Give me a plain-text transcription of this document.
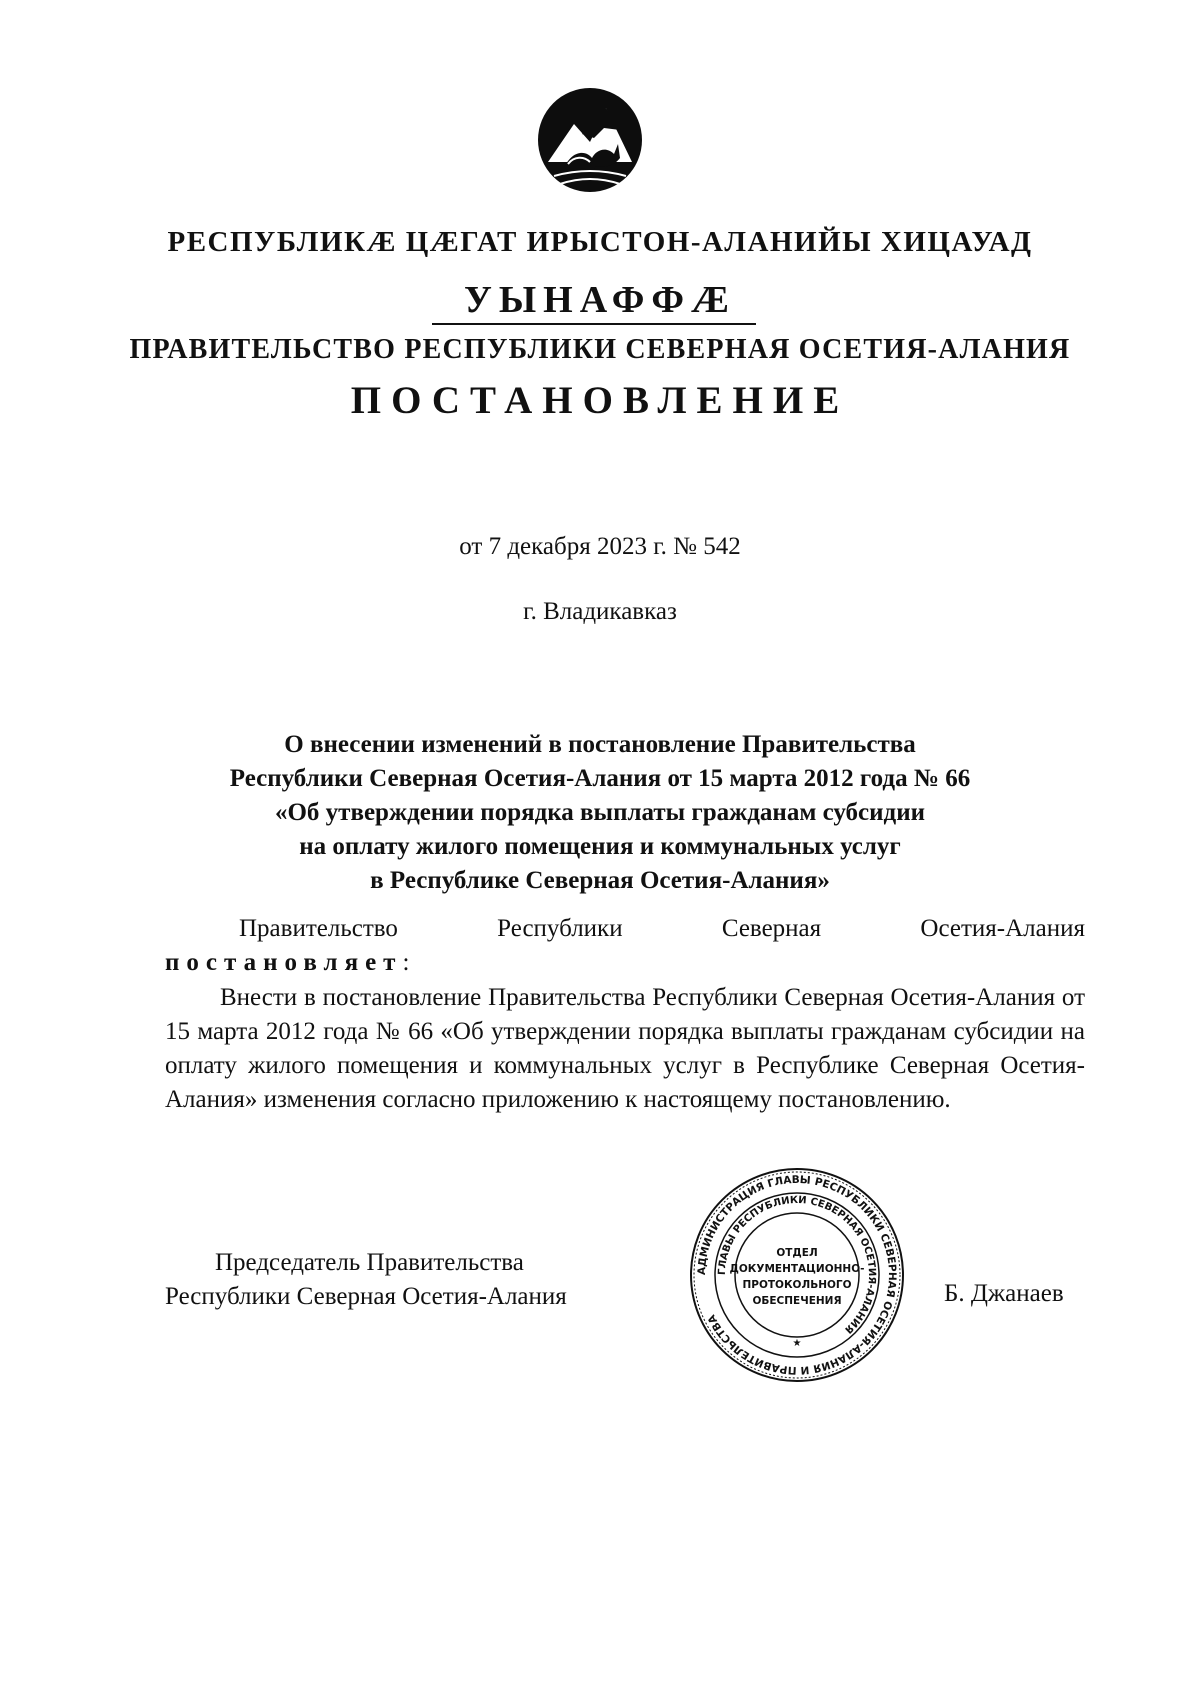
РЕСПУБЛИКӔ ЦӔГАТ ИРЫСТОН-АЛАНИЙЫ ХИЦАУАД
УЫНАФФӔ
ПРАВИТЕЛЬСТВО РЕСПУБЛИКИ СЕВЕРНАЯ ОСЕТИЯ-АЛАНИЯ
ПОСТАНОВЛЕНИЕ
от 7 декабря 2023 г. № 542
г. Владикавказ
О внесении изменений в постановление Правительства
Республики Северная Осетия-Алания от 15 марта 2012 года № 66
«Об утверждении порядка выплаты гражданам субсидии
на оплату жилого помещения и коммунальных услуг
в Республике Северная Осетия-Алания»
Правительство	Республики	Северная	Осетия-Алания
постановляет:
Внести в постановление Правительства Республики Северная Осетия-Алания от 15 марта 2012 года № 66 «Об утверждении порядка выплаты гражданам субсидии на оплату жилого помещения и коммунальных услуг в Республике Северная Осетия-Алания» изменения согласно приложению к настоящему постановлению.
Председатель Правительства
Республики Северная Осетия-Алания	Б. Джанаев
АДМИНИСТРАЦИЯ ГЛАВЫ РЕСПУБЛИКИ СЕВЕРНАЯ ОСЕТИЯ-АЛАНИЯ И ПРАВИТЕЛЬСТВА
ГЛАВЫ РЕСПУБЛИКИ СЕВЕРНАЯ ОСЕТИЯ-АЛАНИЯ
ОТДЕЛ
ДОКУМЕНТАЦИОННО-
ПРОТОКОЛЬНОГО
ОБЕСПЕЧЕНИЯ
★
